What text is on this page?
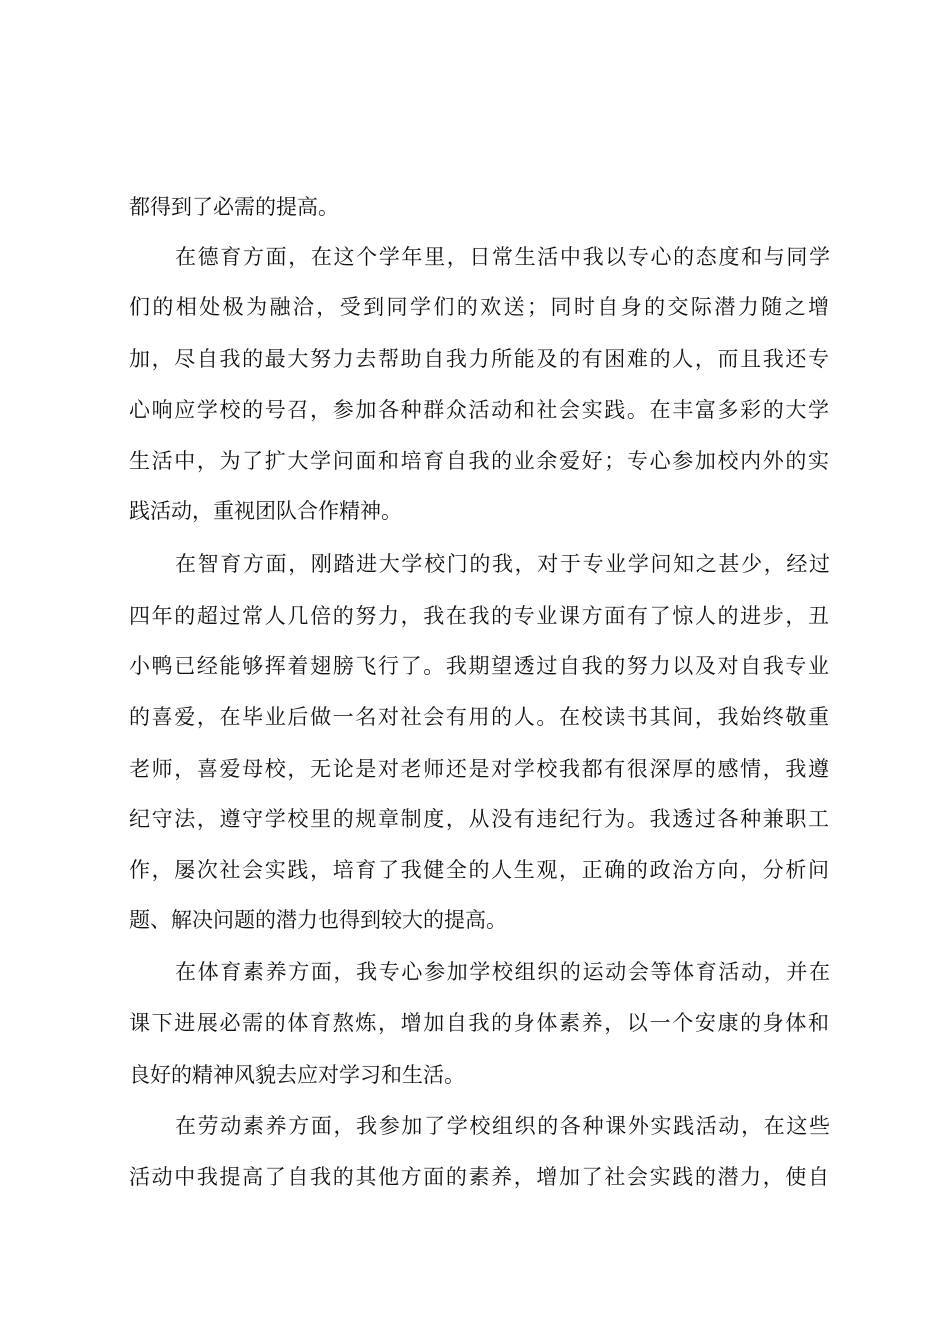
都得到了必需的提高。
在德育方面，在这个学年里，日常生活中我以专心的态度和与同学
们的相处极为融洽，受到同学们的欢送；同时自身的交际潜力随之增
加，尽自我的最大努力去帮助自我力所能及的有困难的人，而且我还专
心响应学校的号召，参加各种群众活动和社会实践。在丰富多彩的大学
生活中，为了扩大学问面和培育自我的业余爱好；专心参加校内外的实
践活动，重视团队合作精神。
在智育方面，刚踏进大学校门的我，对于专业学问知之甚少，经过
四年的超过常人几倍的努力，我在我的专业课方面有了惊人的进步，丑
小鸭已经能够挥着翅膀飞行了。我期望透过自我的努力以及对自我专业
的喜爱，在毕业后做一名对社会有用的人。在校读书其间，我始终敬重
老师，喜爱母校，无论是对老师还是对学校我都有很深厚的感情，我遵
纪守法，遵守学校里的规章制度，从没有违纪行为。我透过各种兼职工
作，屡次社会实践，培育了我健全的人生观，正确的政治方向，分析问
题、解决问题的潜力也得到较大的提高。
在体育素养方面，我专心参加学校组织的运动会等体育活动，并在
课下进展必需的体育熬炼，增加自我的身体素养，以一个安康的身体和
良好的精神风貌去应对学习和生活。
在劳动素养方面，我参加了学校组织的各种课外实践活动，在这些
活动中我提高了自我的其他方面的素养，增加了社会实践的潜力，使自
